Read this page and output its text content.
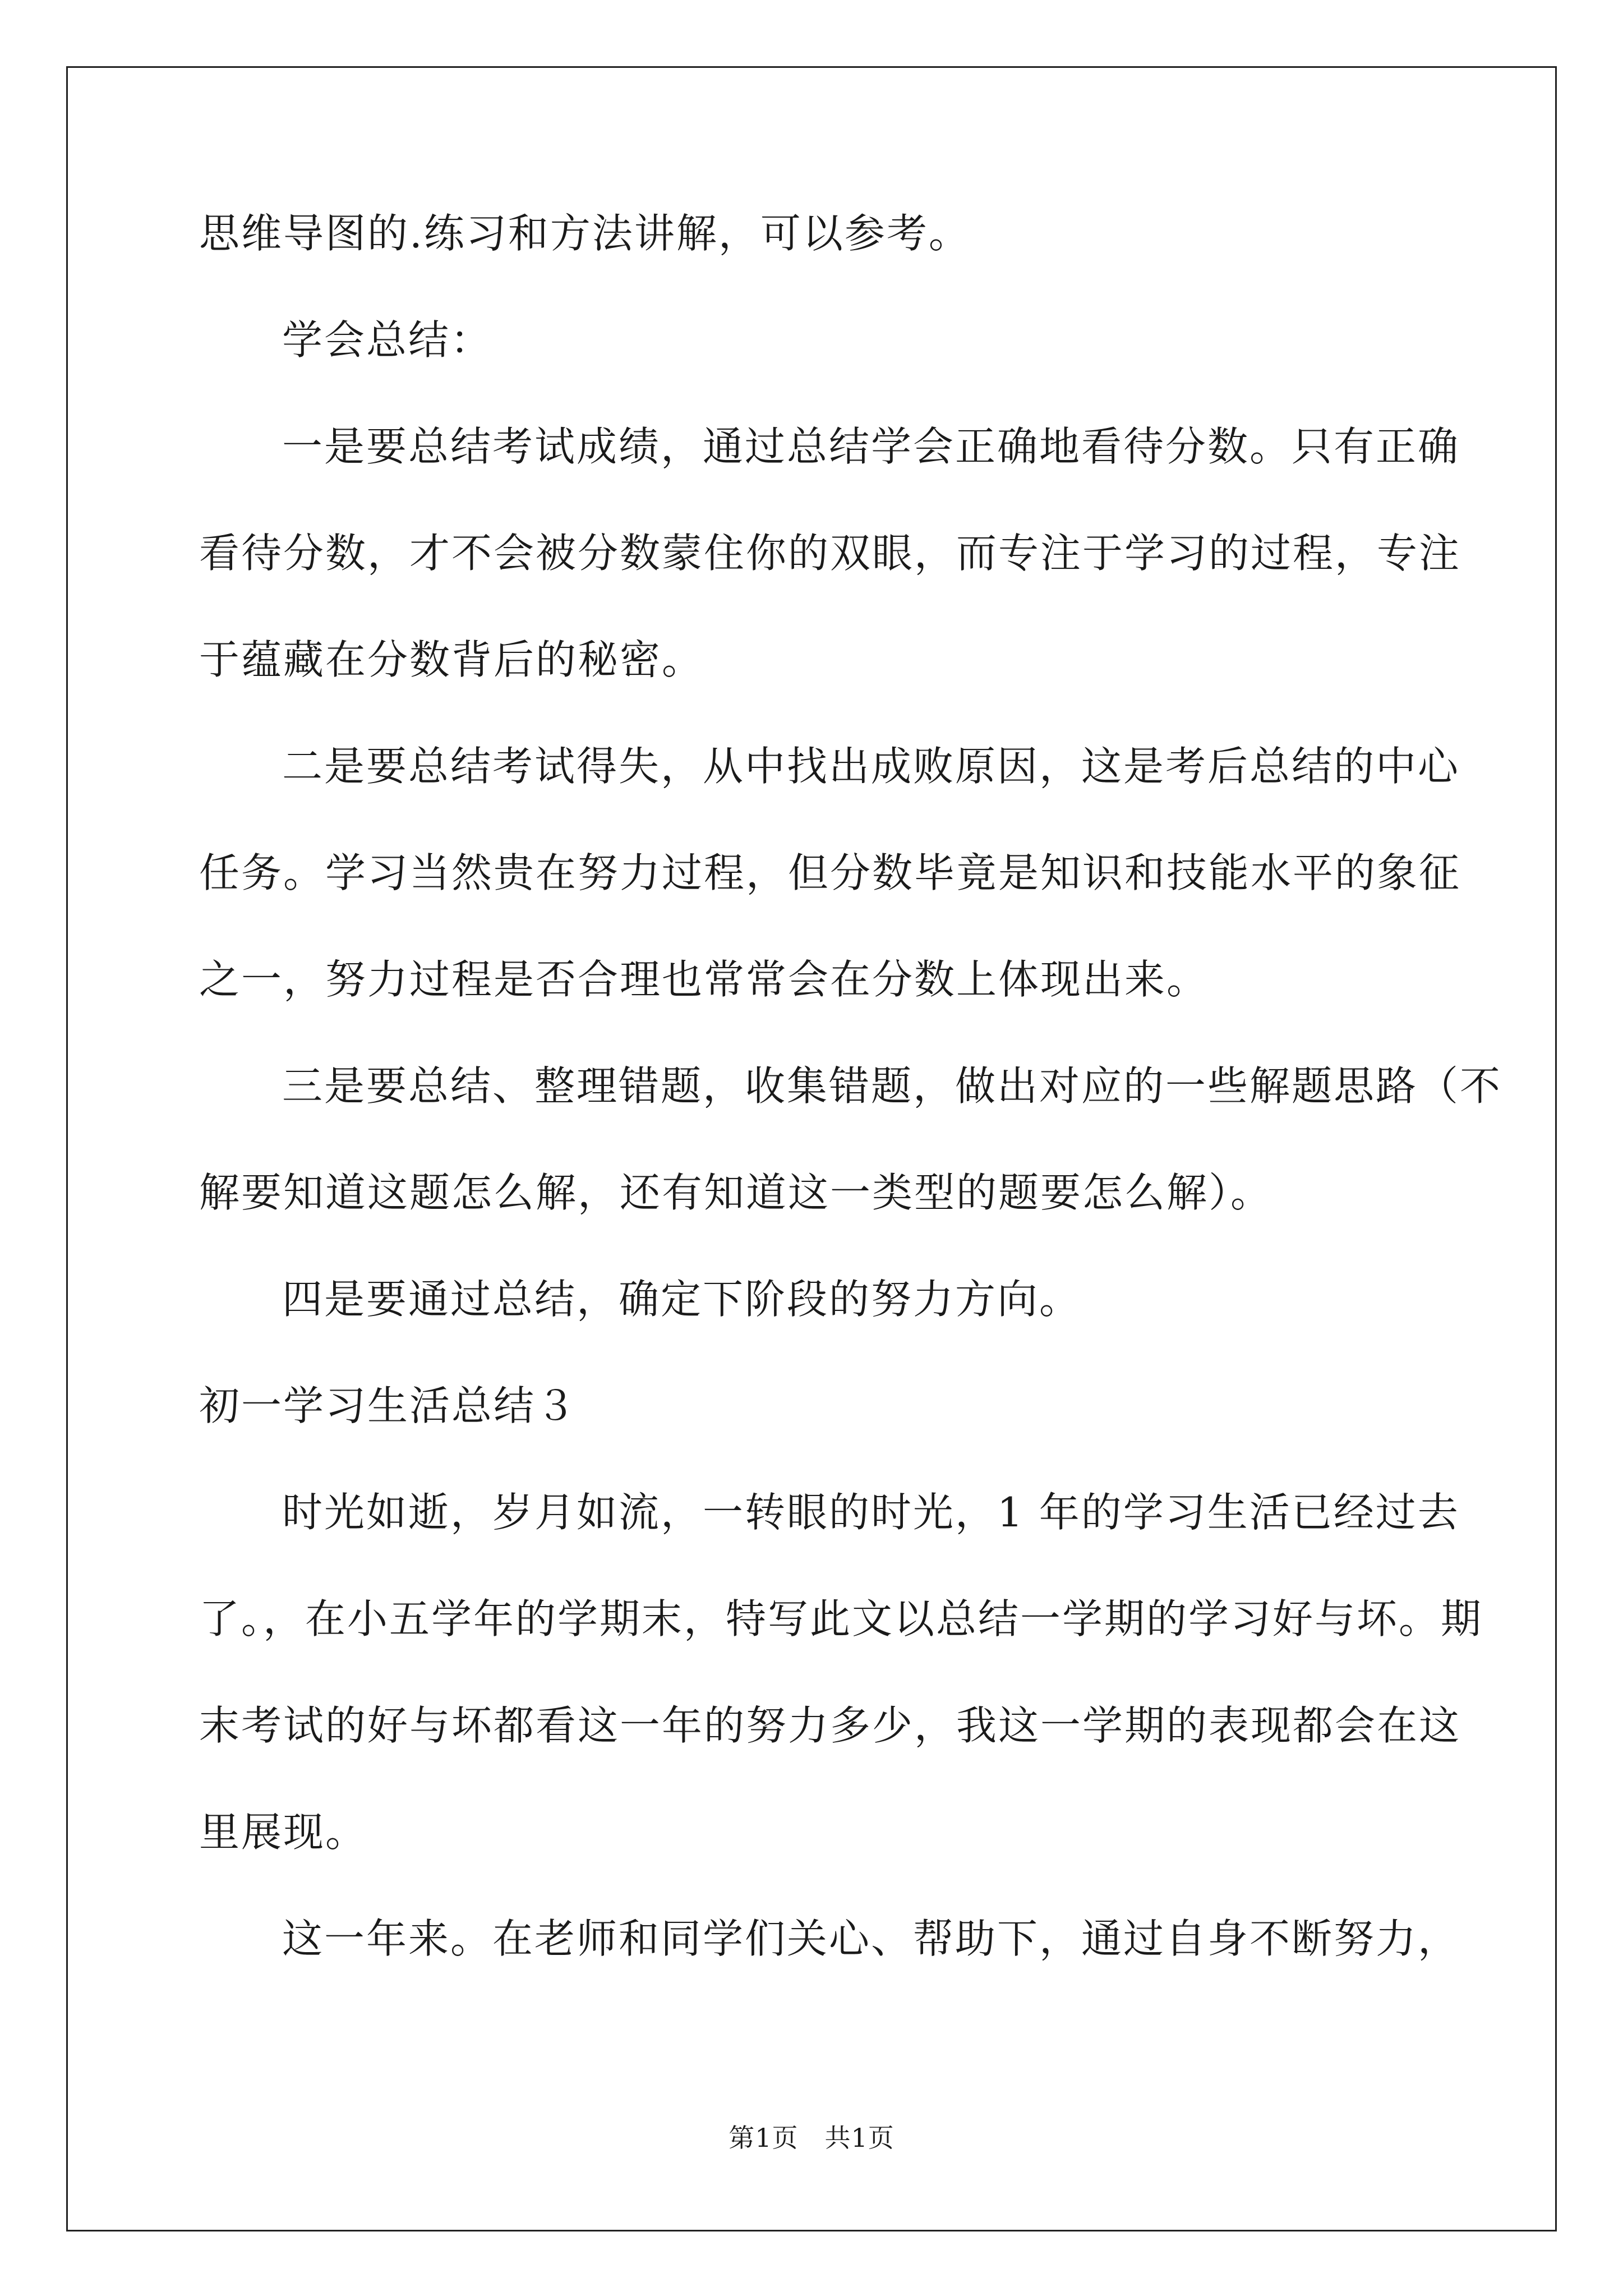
思维导图的.练习和方法讲解，可以参考。
学会总结：
一是要总结考试成绩，通过总结学会正确地看待分数。只有正确
看待分数，才不会被分数蒙住你的双眼，而专注于学习的过程，专注
于蕴藏在分数背后的秘密。
二是要总结考试得失，从中找出成败原因，这是考后总结的中心
任务。学习当然贵在努力过程，但分数毕竟是知识和技能水平的象征
之一，努力过程是否合理也常常会在分数上体现出来。
三是要总结、整理错题，收集错题，做出对应的一些解题思路（不
解要知道这题怎么解，还有知道这一类型的题要怎么解）。
四是要通过总结，确定下阶段的努力方向。
初一学习生活总结３
时光如逝，岁月如流，一转眼的时光，1 年的学习生活已经过去
了。，在小五学年的学期末，特写此文以总结一学期的学习好与坏。期
末考试的好与坏都看这一年的努力多少，我这一学期的表现都会在这
里展现。
这一年来。在老师和同学们关心、帮助下，通过自身不断努力，
第1页　共1页
